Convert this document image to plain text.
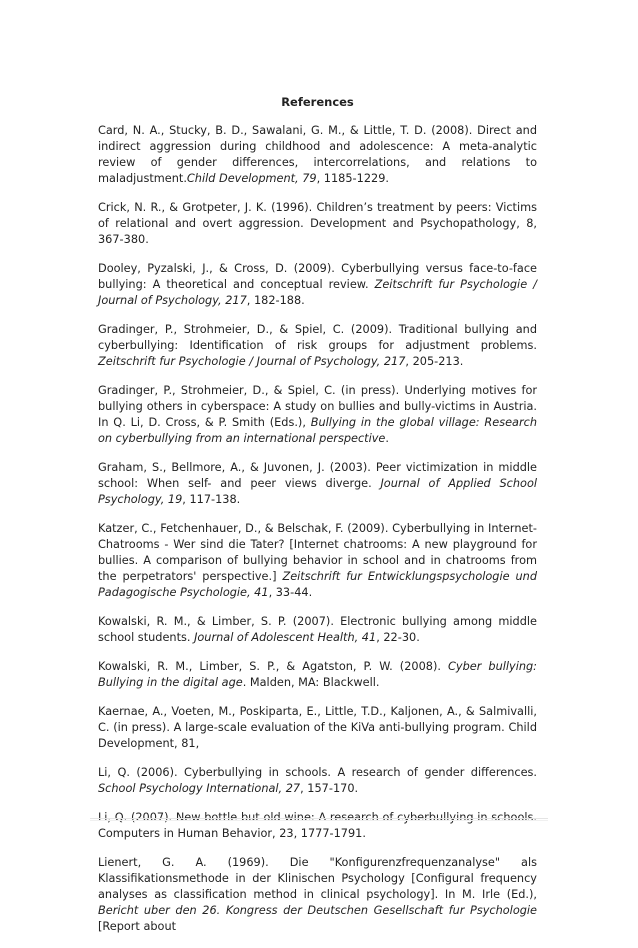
References
Card, N. A., Stucky, B. D., Sawalani, G. M., & Little, T. D. (2008). Direct and indirect aggression during childhood and adolescence: A meta-analytic review of gender differences, intercorrelations, and relations to maladjustment.Child Development, 79, 1185-1229.
Crick, N. R., & Grotpeter, J. K. (1996). Children’s treatment by peers: Victims of relational and overt aggression. Development and Psychopathology, 8, 367-380.
Dooley, Pyzalski, J., & Cross, D. (2009). Cyberbullying versus face-to-face bullying: A theoretical and conceptual review. Zeitschrift fur Psychologie / Journal of Psychology, 217, 182-188.
Gradinger, P., Strohmeier, D., & Spiel, C. (2009). Traditional bullying and cyberbullying: Identification of risk groups for adjustment problems. Zeitschrift fur Psychologie / Journal of Psychology, 217, 205-213.
Gradinger, P., Strohmeier, D., & Spiel, C. (in press). Underlying motives for bullying others in cyberspace: A study on bullies and bully-victims in Austria. In Q. Li, D. Cross, & P. Smith (Eds.), Bullying in the global village: Research on cyberbullying from an international perspective.
Graham, S., Bellmore, A., & Juvonen, J. (2003). Peer victimization in middle school: When self- and peer views diverge. Journal of Applied School Psychology, 19, 117-138.
Katzer, C., Fetchenhauer, D., & Belschak, F. (2009). Cyberbullying in Internet-Chatrooms - Wer sind die Tater? [Internet chatrooms: A new playground for bullies. A comparison of bullying behavior in school and in chatrooms from the perpetrators' perspective.] Zeitschrift fur Entwicklungspsychologie und Padagogische Psychologie, 41, 33-44.
Kowalski, R. M., & Limber, S. P. (2007). Electronic bullying among middle school students. Journal of Adolescent Health, 41, 22-30.
Kowalski, R. M., Limber, S. P., & Agatston, P. W. (2008). Cyber bullying: Bullying in the digital age. Malden, MA: Blackwell.
Kaernae, A., Voeten, M., Poskiparta, E., Little, T.D., Kaljonen, A., & Salmivalli, C. (in press). A large-scale evaluation of the KiVa anti-bullying program. Child Development, 81,
Li, Q. (2006). Cyberbullying in schools. A research of gender differences. School Psychology International, 27, 157-170.
Computers in Human Behavior, 23, 1777-1791.
Lienert, G. A. (1969). Die "Konfigurenzfrequenzanalyse" als Klassifikationsmethode in der Klinischen Psychology [Configural frequency analyses as classification method in clinical psychology]. In M. Irle (Ed.), Bericht uber den 26. Kongress der Deutschen Gesellschaft fur Psychologie [Report about
